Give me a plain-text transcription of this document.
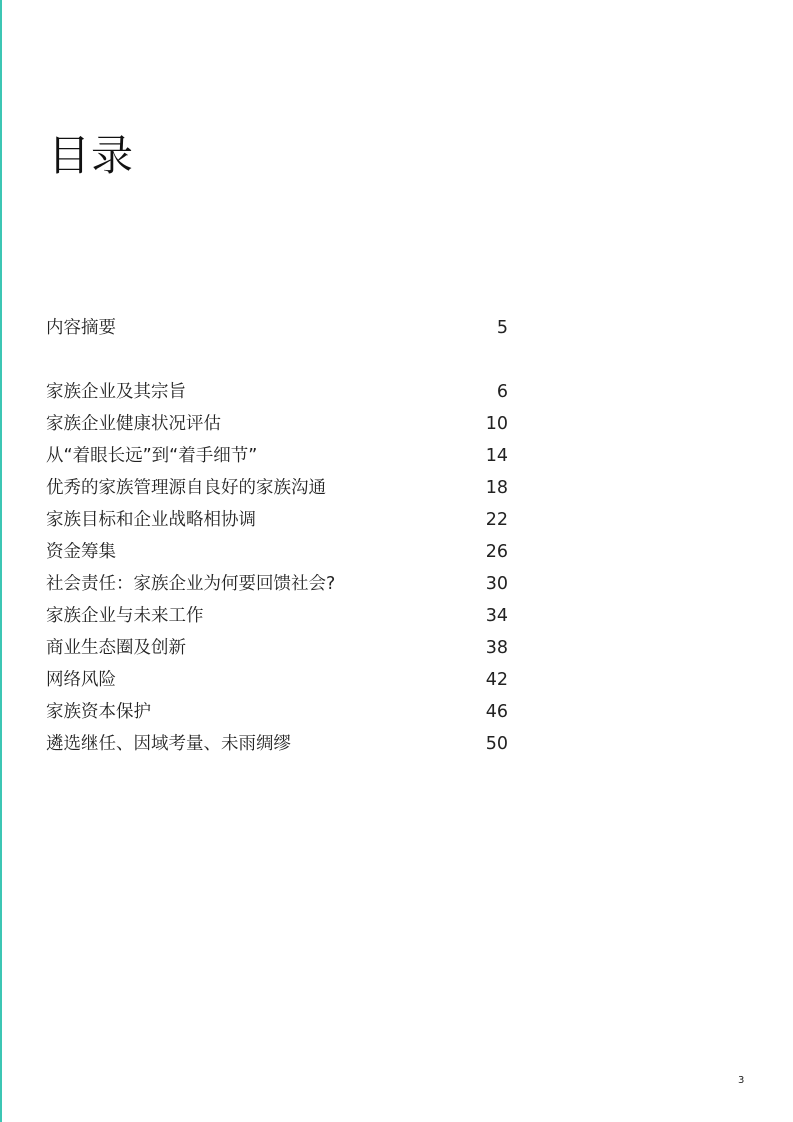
目录
内容摘要	5
家族企业及其宗旨	6
家族企业健康状况评估	10
从“着眼长远”到“着手细节”	14
优秀的家族管理源自良好的家族沟通	18
家族目标和企业战略相协调	22
资金筹集	26
社会责任：家族企业为何要回馈社会?	30
家族企业与未来工作	34
商业生态圈及创新	38
网络风险	42
家族资本保护	46
遴选继任、因域考量、未雨绸缪	50
3
